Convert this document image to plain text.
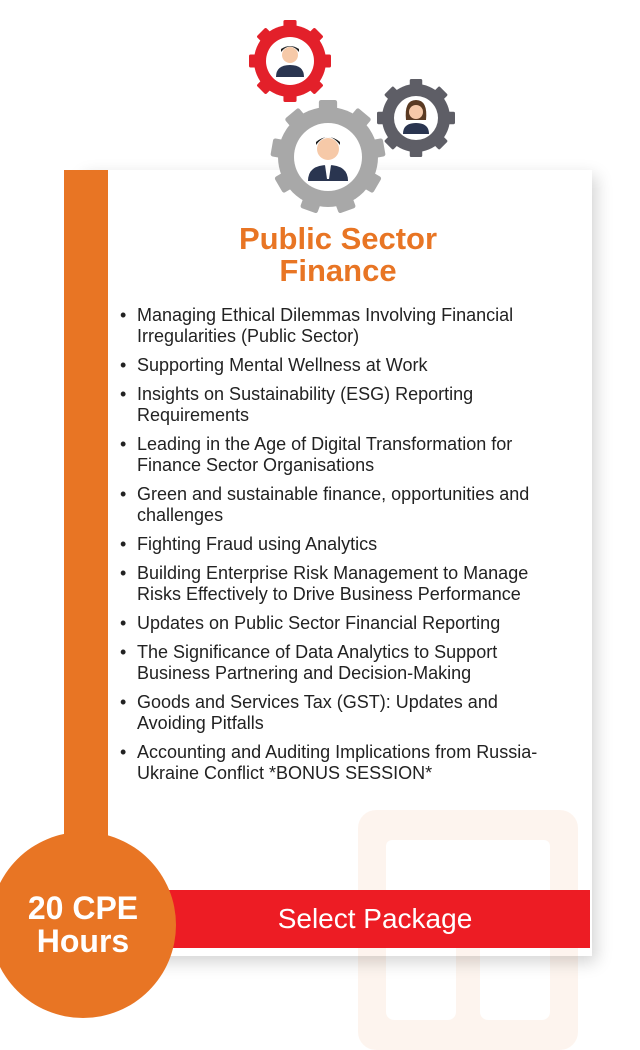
Public Sector
Finance
• Managing Ethical Dilemmas Involving Financial Irregularities (Public Sector)
• Supporting Mental Wellness at Work
• Insights on Sustainability (ESG) Reporting Requirements
• Leading in the Age of Digital Transformation for Finance Sector Organisations
• Green and sustainable finance, opportunities and challenges
• Fighting Fraud using Analytics
• Building Enterprise Risk Management to Manage Risks Effectively to Drive Business Performance
• Updates on Public Sector Financial Reporting
• The Significance of Data Analytics to Support Business Partnering and Decision-Making
• Goods and Services Tax (GST): Updates and Avoiding Pitfalls
• Accounting and Auditing Implications from Russia-Ukraine Conflict *BONUS SESSION*
Select Package
20 CPE
Hours
